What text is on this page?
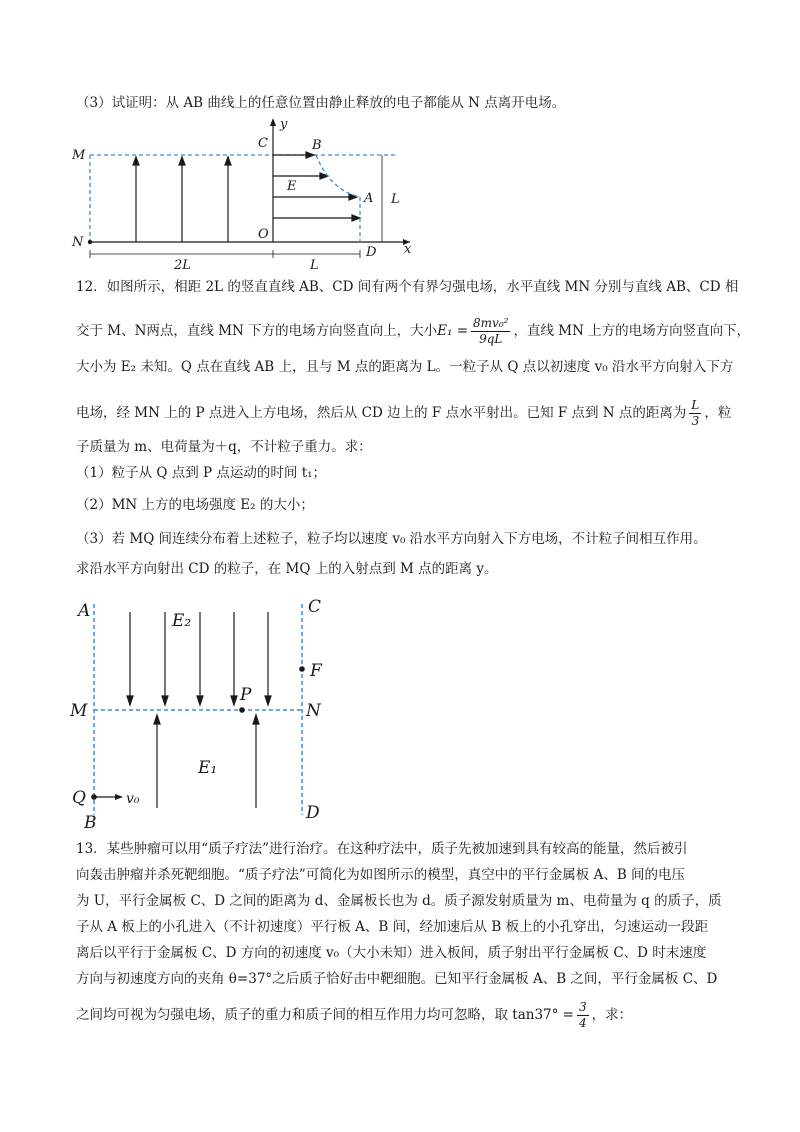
（3）试证明：从 AB 曲线上的任意位置由静止释放的电子都能从 N 点离开电场。
M
N
C	B
y
E
A L
O
D x
2L	L
12．如图所示，相距 2L 的竖直直线 AB、CD 间有两个有界匀强电场，水平直线 MN 分别与直线 AB、CD 相
交于 M、N两点，直线 MN 下方的电场方向竖直向上，大小$E_1 = \frac{\text{8mv₀²}}{9qL}$ ，直线 MN 上方的电场方向竖直向下，
大小为 E₂ 未知。Q 点在直线 AB 上，且与 M 点的距离为 L。一粒子从 Q 点以初速度 v₀ 沿水平方向射入下方
电场，经 MN 上的 P 点进入上方电场，然后从 CD 边上的 F 点水平射出。已知 F 点到 N 点的距离为 $\frac{L}{3}$ ，粒
子质量为 m、电荷量为＋q，不计粒子重力。求：
（1）粒子从 Q 点到 P 点运动的时间 t₁；
（2）MN 上方的电场强度 E₂ 的大小；
（3）若 MQ 间连续分布着上述粒子，粒子均以速度 v₀ 沿水平方向射入下方电场，不计粒子间相互作用。
求沿水平方向射出 CD 的粒子，在 MQ 上的入射点到 M 点的距离 y。
A	E₂
C
F
M
P
N
E₁
Q	v₀
B	D
13．某些肿瘤可以用“质子疗法”进行治疗。在这种疗法中，质子先被加速到具有较高的能量，然后被引
向轰击肿瘤并杀死靶细胞。“质子疗法”可简化为如图所示的模型，真空中的平行金属板 A、B 间的电压
为 U，平行金属板 C、D 之间的距离为 d、金属板长也为 d。质子源发射质量为 m、电荷量为 q 的质子，质
子从 A 板上的小孔进入（不计初速度）平行板 A、B 间，经加速后从 B 板上的小孔穿出，匀速运动一段距
离后以平行于金属板 C、D 方向的初速度 v₀（大小未知）进入板间，质子射出平行金属板 C、D 时末速度
方向与初速度方向的夹角 θ=37°之后质子恰好击中靶细胞。已知平行金属板 A、B 之间，平行金属板 C、D
之间均可视为匀强电场，质子的重力和质子间的相互作用力均可忽略，取 $\tan 37^\circ = \frac{3}{4}$ ，求：
